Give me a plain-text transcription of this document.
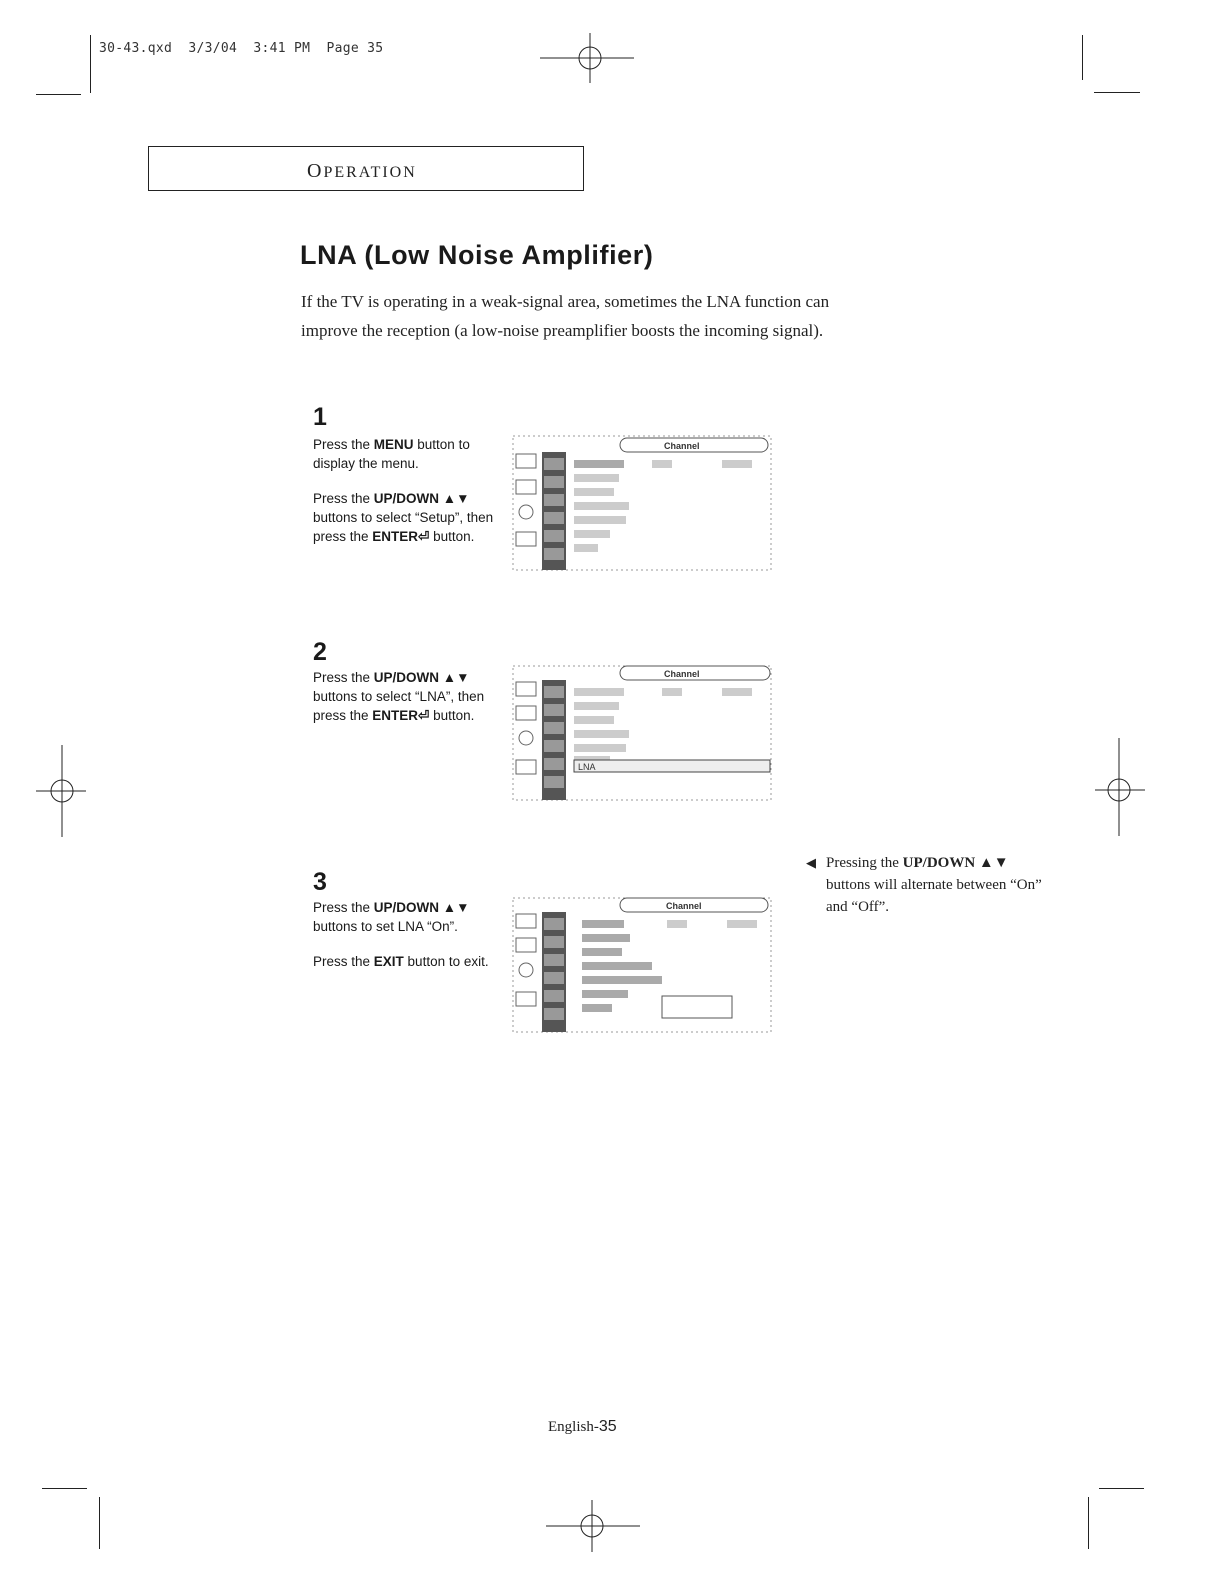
30-43.qxd  3/3/04  3:41 PM  Page 35
OPERATION
LNA (Low Noise Amplifier)
If the TV is operating in a weak-signal area, sometimes the LNA function can
improve the reception (a low-noise preamplifier boosts the incoming signal).
1

Press the MENU button to display the menu.

Press the UP/DOWN ▲▼ buttons to select “Setup”, then press the ENTER⏎ button.

Channel
2

Press the UP/DOWN ▲▼ buttons to select “LNA”, then press the ENTER⏎ button.

Channel
LNA
3

Press the UP/DOWN ▲▼ buttons to set LNA “On”.

Press the EXIT button to exit.

Channel
◀ Pressing the UP/DOWN ▲▼ buttons will alternate between “On” and “Off”.
English-35
